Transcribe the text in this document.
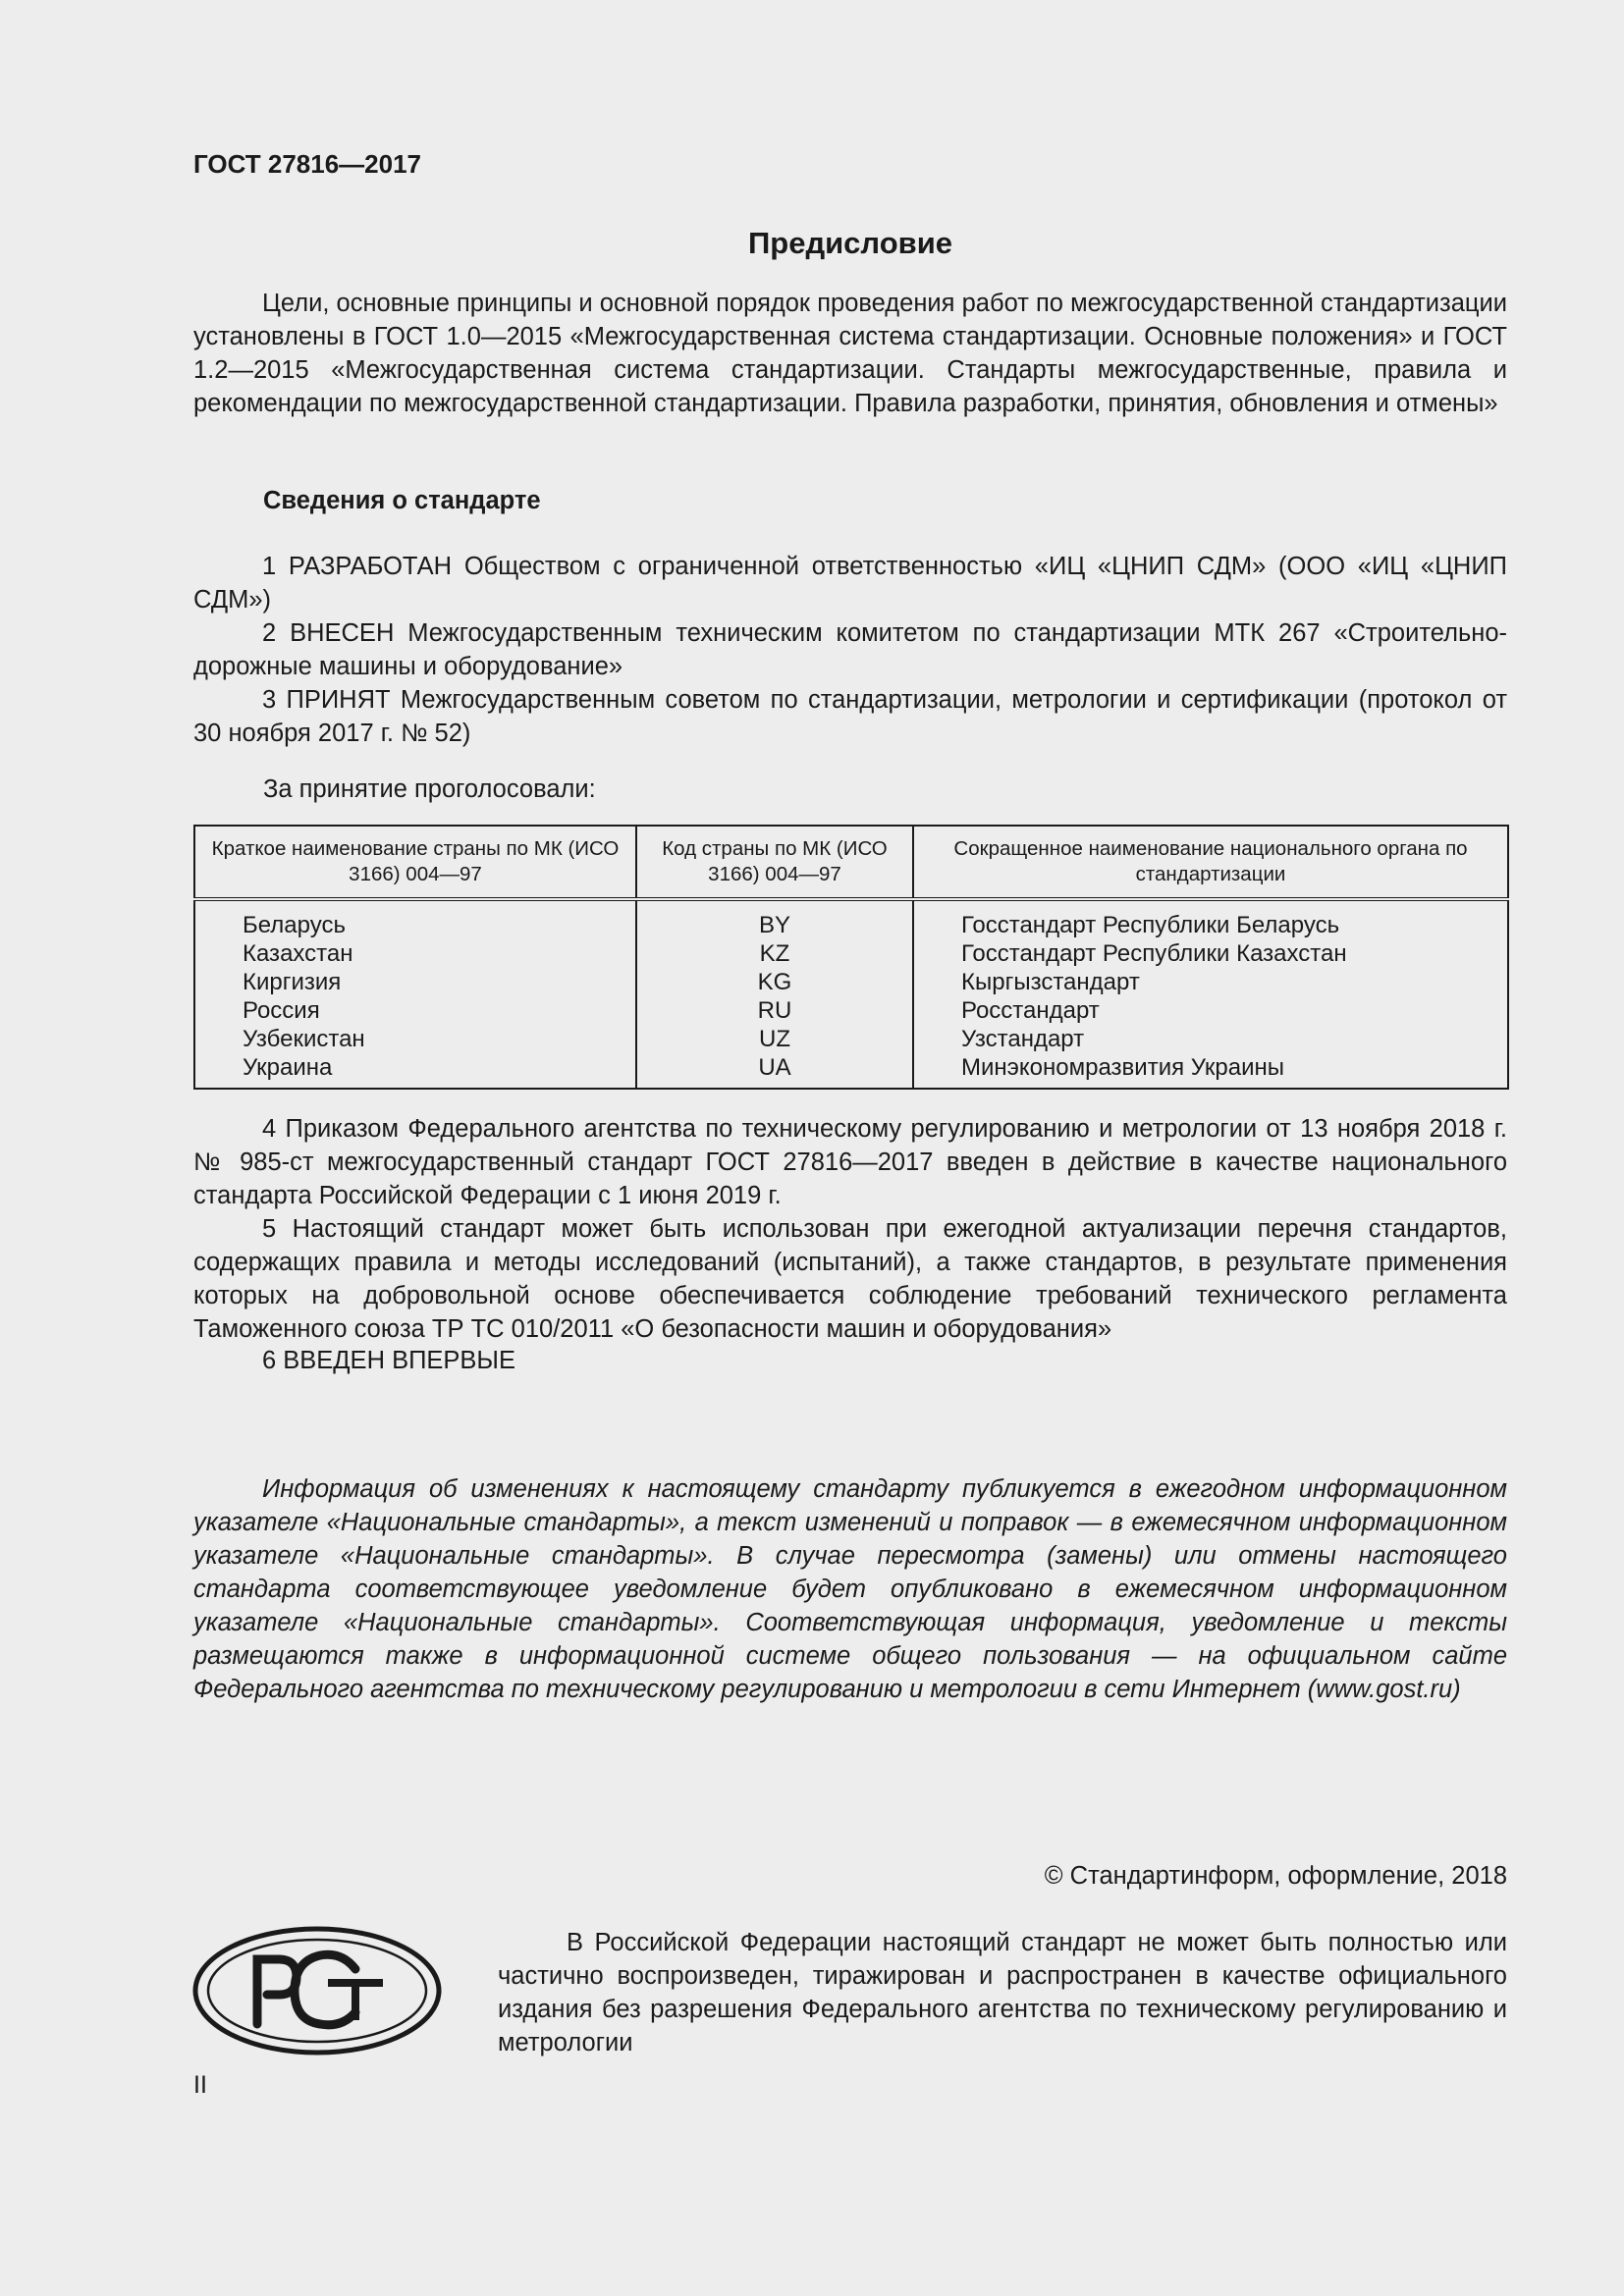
ГОСТ 27816—2017
Предисловие
Цели, основные принципы и основной порядок проведения работ по межгосударственной стандартизации установлены в ГОСТ 1.0—2015 «Межгосударственная система стандартизации. Основные положения» и ГОСТ 1.2—2015 «Межгосударственная система стандартизации. Стандарты межгосударственные, правила и рекомендации по межгосударственной стандартизации. Правила разработки, принятия, обновления и отмены»
Сведения о стандарте
1 РАЗРАБОТАН Обществом с ограниченной ответственностью «ИЦ «ЦНИП СДМ» (ООО «ИЦ «ЦНИП СДМ»)
2 ВНЕСЕН Межгосударственным техническим комитетом по стандартизации МТК 267 «Строительно-дорожные машины и оборудование»
3 ПРИНЯТ Межгосударственным советом по стандартизации, метрологии и сертификации (протокол от 30 ноября 2017 г. № 52)
За принятие проголосовали:
Краткое наименование страны по МК (ИСО 3166) 004—97	Код страны по МК (ИСО 3166) 004—97	Сокращенное наименование национального органа по стандартизации
Беларусь	BY	Госстандарт Республики Беларусь
Казахстан	KZ	Госстандарт Республики Казахстан
Киргизия	KG	Кыргызстандарт
Россия	RU	Росстандарт
Узбекистан	UZ	Узстандарт
Украина	UA	Минэкономразвития Украины
4 Приказом Федерального агентства по техническому регулированию и метрологии от 13 ноября 2018 г. № 985-ст межгосударственный стандарт ГОСТ 27816—2017 введен в действие в качестве национального стандарта Российской Федерации с 1 июня 2019 г.
5 Настоящий стандарт может быть использован при ежегодной актуализации перечня стандартов, содержащих правила и методы исследований (испытаний), а также стандартов, в результате применения которых на добровольной основе обеспечивается соблюдение требований технического регламента Таможенного союза ТР ТС 010/2011 «О безопасности машин и оборудования»
6 ВВЕДЕН ВПЕРВЫЕ
Информация об изменениях к настоящему стандарту публикуется в ежегодном информационном указателе «Национальные стандарты», а текст изменений и поправок — в ежемесячном информационном указателе «Национальные стандарты». В случае пересмотра (замены) или отмены настоящего стандарта соответствующее уведомление будет опубликовано в ежемесячном информационном указателе «Национальные стандарты». Соответствующая информация, уведомление и тексты размещаются также в информационной системе общего пользования — на официальном сайте Федерального агентства по техническому регулированию и метрологии в сети Интернет (www.gost.ru)
© Стандартинформ, оформление, 2018
В Российской Федерации настоящий стандарт не может быть полностью или частично воспроизведен, тиражирован и распространен в качестве официального издания без разрешения Федерального агентства по техническому регулированию и метрологии
II
